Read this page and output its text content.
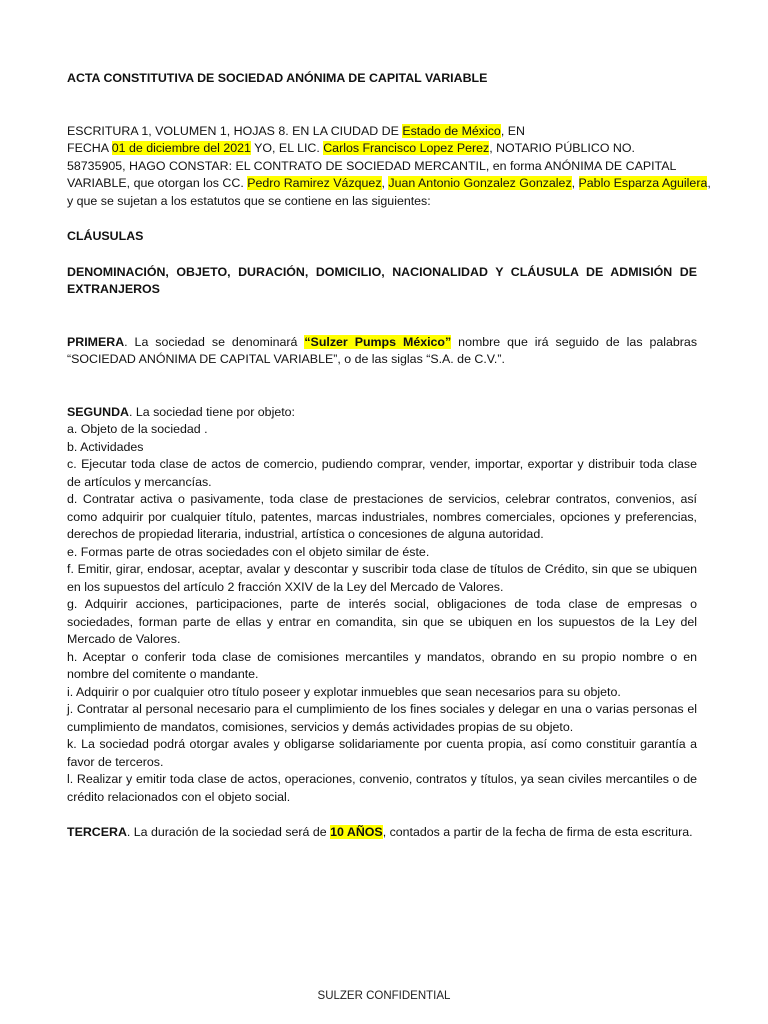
ACTA CONSTITUTIVA DE SOCIEDAD ANÓNIMA DE CAPITAL VARIABLE

ESCRITURA 1, VOLUMEN 1, HOJAS 8. EN LA CIUDAD DE Estado de México, EN
FECHA 01 de diciembre del 2021 YO, EL LIC. Carlos Francisco Lopez Perez, NOTARIO PÚBLICO NO.
58735905, HAGO CONSTAR: EL CONTRATO DE SOCIEDAD MERCANTIL, en forma ANÓNIMA DE CAPITAL
VARIABLE, que otorgan los CC. Pedro Ramirez Vázquez, Juan Antonio Gonzalez Gonzalez, Pablo Esparza Aguilera,
y que se sujetan a los estatutos que se contiene en las siguientes:

CLÁUSULAS

DENOMINACIÓN, OBJETO, DURACIÓN, DOMICILIO, NACIONALIDAD Y CLÁUSULA DE ADMISIÓN DE EXTRANJEROS

PRIMERA. La sociedad se denominará “Sulzer Pumps México” nombre que irá seguido de las palabras “SOCIEDAD ANÓNIMA DE CAPITAL VARIABLE”, o de las siglas “S.A. de C.V.”.

SEGUNDA. La sociedad tiene por objeto:

a. Objeto de la sociedad .

b. Actividades

c. Ejecutar toda clase de actos de comercio, pudiendo comprar, vender, importar, exportar y distribuir toda clase de artículos y mercancías.

d. Contratar activa o pasivamente, toda clase de prestaciones de servicios, celebrar contratos, convenios, así como adquirir por cualquier título, patentes, marcas industriales, nombres comerciales, opciones y preferencias, derechos de propiedad literaria, industrial, artística o concesiones de alguna autoridad.

e. Formas parte de otras sociedades con el objeto similar de éste.

f. Emitir, girar, endosar, aceptar, avalar y descontar y suscribir toda clase de títulos de Crédito, sin que se ubiquen en los supuestos del artículo 2 fracción XXIV de la Ley del Mercado de Valores.

g. Adquirir acciones, participaciones, parte de interés social, obligaciones de toda clase de empresas o sociedades, forman parte de ellas y entrar en comandita, sin que se ubiquen en los supuestos de la Ley del Mercado de Valores.

h. Aceptar o conferir toda clase de comisiones mercantiles y mandatos, obrando en su propio nombre o en nombre del comitente o mandante.

i. Adquirir o por cualquier otro título poseer y explotar inmuebles que sean necesarios para su objeto.

j. Contratar al personal necesario para el cumplimiento de los fines sociales y delegar en una o varias personas el cumplimiento de mandatos, comisiones, servicios y demás actividades propias de su objeto.

k. La sociedad podrá otorgar avales y obligarse solidariamente por cuenta propia, así como constituir garantía a favor de terceros.

l. Realizar y emitir toda clase de actos, operaciones, convenio, contratos y títulos, ya sean civiles mercantiles o de crédito relacionados con el objeto social.

TERCERA. La duración de la sociedad será de 10 AÑOS, contados a partir de la fecha de firma de esta escritura.

SULZER CONFIDENTIAL
